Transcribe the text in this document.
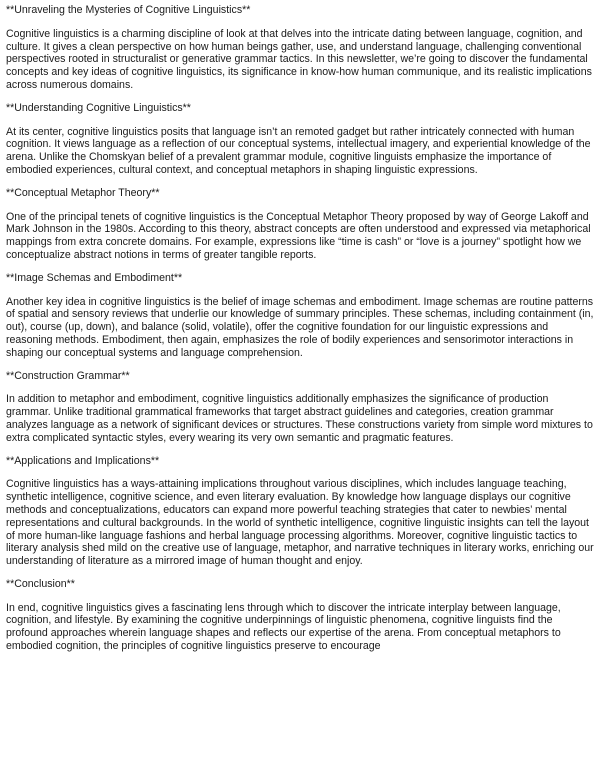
**Unraveling the Mysteries of Cognitive Linguistics**

Cognitive linguistics is a charming discipline of look at that delves into the intricate dating between language, cognition, and culture. It gives a clean perspective on how human beings gather, use, and understand language, challenging conventional perspectives rooted in structuralist or generative grammar tactics. In this newsletter, we’re going to discover the fundamental concepts and key ideas of cognitive linguistics, its significance in know-how human communique, and its realistic implications across numerous domains.

**Understanding Cognitive Linguistics**

At its center, cognitive linguistics posits that language isn’t an remoted gadget but rather intricately connected with human cognition. It views language as a reflection of our conceptual systems, intellectual imagery, and experiential knowledge of the arena. Unlike the Chomskyan belief of a prevalent grammar module, cognitive linguists emphasize the importance of embodied experiences, cultural context, and conceptual metaphors in shaping linguistic expressions.

**Conceptual Metaphor Theory**

One of the principal tenets of cognitive linguistics is the Conceptual Metaphor Theory proposed by way of George Lakoff and Mark Johnson in the 1980s. According to this theory, abstract concepts are often understood and expressed via metaphorical mappings from extra concrete domains. For example, expressions like “time is cash” or “love is a journey” spotlight how we conceptualize abstract notions in terms of greater tangible reports.

**Image Schemas and Embodiment**

Another key idea in cognitive linguistics is the belief of image schemas and embodiment. Image schemas are routine patterns of spatial and sensory reviews that underlie our knowledge of summary principles. These schemas, including containment (in, out), course (up, down), and balance (solid, volatile), offer the cognitive foundation for our linguistic expressions and reasoning methods. Embodiment, then again, emphasizes the role of bodily experiences and sensorimotor interactions in shaping our conceptual systems and language comprehension.

**Construction Grammar**

In addition to metaphor and embodiment, cognitive linguistics additionally emphasizes the significance of production grammar. Unlike traditional grammatical frameworks that target abstract guidelines and categories, creation grammar analyzes language as a network of significant devices or structures. These constructions variety from simple word mixtures to extra complicated syntactic styles, every wearing its very own semantic and pragmatic features.

**Applications and Implications**

Cognitive linguistics has a ways-attaining implications throughout various disciplines, which includes language teaching, synthetic intelligence, cognitive science, and even literary evaluation. By knowledge how language displays our cognitive methods and conceptualizations, educators can expand more powerful teaching strategies that cater to newbies’ mental representations and cultural backgrounds. In the world of synthetic intelligence, cognitive linguistic insights can tell the layout of more human-like language fashions and herbal language processing algorithms. Moreover, cognitive linguistic tactics to literary analysis shed mild on the creative use of language, metaphor, and narrative techniques in literary works, enriching our understanding of literature as a mirrored image of human thought and enjoy.

**Conclusion**

In end, cognitive linguistics gives a fascinating lens through which to discover the intricate interplay between language, cognition, and lifestyle. By examining the cognitive underpinnings of linguistic phenomena, cognitive linguists find the profound approaches wherein language shapes and reflects our expertise of the arena. From conceptual metaphors to embodied cognition, the principles of cognitive linguistics preserve to encourage
